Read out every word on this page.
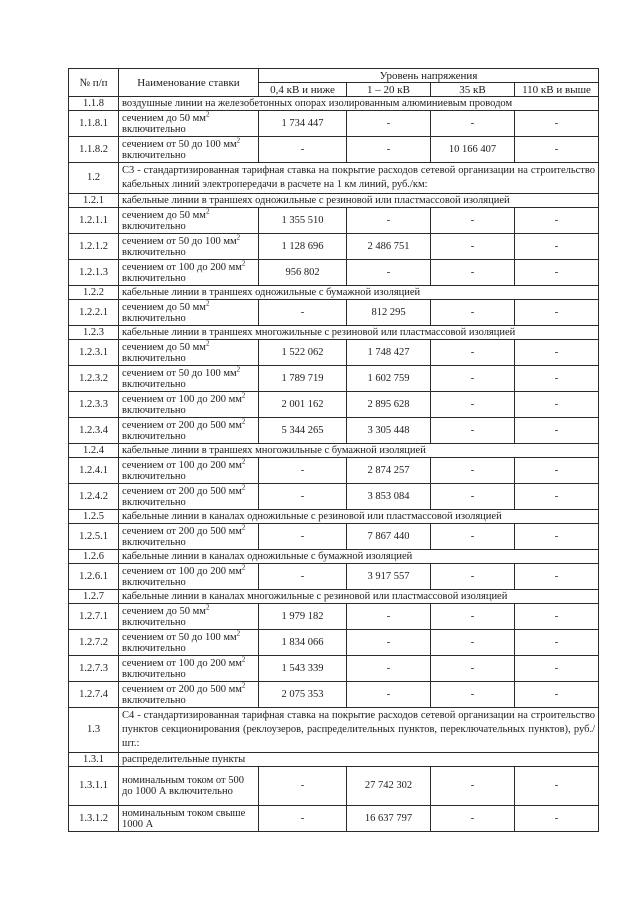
№ п/п	Наименование ставки	Уровень напряжения			
		0,4 кВ и ниже	1 – 20 кВ	35 кВ	110 кВ и выше
1.1.8	воздушные линии на железобетонных опорах изолированным алюминиевым проводом				
1.1.8.1	сечением до 50 $мм^2$ включительно	1 734 447	-	-	-
1.1.8.2	сечением от 50 до 100 $мм^2$ включительно	-	-	10 166 407	-
1.2	С3 - стандартизированная тарифная ставка на покрытие расходов сетевой организации на строительство кабельных линий электропередачи в расчете на 1 км линий, руб./км:				
1.2.1	кабельные линии в траншеях одножильные с резиновой или пластмассовой изоляцией				
1.2.1.1	сечением до 50 $мм^2$ включительно	1 355 510	-	-	-
1.2.1.2	сечением от 50 до 100 $мм^2$ включительно	1 128 696	2 486 751	-	-
1.2.1.3	сечением от 100 до 200 $мм^2$ включительно	956 802	-	-	-
1.2.2	кабельные линии в траншеях одножильные с бумажной изоляцией				
1.2.2.1	сечением до 50 $мм^2$ включительно	-	812 295	-	-
1.2.3	кабельные линии в траншеях многожильные с резиновой или пластмассовой изоляцией				
1.2.3.1	сечением до 50 $мм^2$ включительно	1 522 062	1 748 427	-	-
1.2.3.2	сечением от 50 до 100 $мм^2$ включительно	1 789 719	1 602 759	-	-
1.2.3.3	сечением от 100 до 200 $мм^2$ включительно	2 001 162	2 895 628	-	-
1.2.3.4	сечением от 200 до 500 $мм^2$ включительно	5 344 265	3 305 448	-	-
1.2.4	кабельные линии в траншеях многожильные с бумажной изоляцией				
1.2.4.1	сечением от 100 до 200 $мм^2$ включительно	-	2 874 257	-	-
1.2.4.2	сечением от 200 до 500 $мм^2$ включительно	-	3 853 084	-	-
1.2.5	кабельные линии в каналах одножильные с резиновой или пластмассовой изоляцией				
1.2.5.1	сечением от 200 до 500 $мм^2$ включительно	-	7 867 440	-	-
1.2.6	кабельные линии в каналах одножильные с бумажной изоляцией				
1.2.6.1	сечением от 100 до 200 $мм^2$ включительно	-	3 917 557	-	-
1.2.7	кабельные линии в каналах многожильные с резиновой или пластмассовой изоляцией				
1.2.7.1	сечением до 50 $мм^2$ включительно	1 979 182	-	-	-
1.2.7.2	сечением от 50 до 100 $мм^2$ включительно	1 834 066	-	-	-
1.2.7.3	сечением от 100 до 200 $мм^2$ включительно	1 543 339	-	-	-
1.2.7.4	сечением от 200 до 500 $мм^2$ включительно	2 075 353	-	-	-
1.3	С4 - стандартизированная тарифная ставка на покрытие расходов сетевой организации на строительство пунктов секционирования (реклоузеров, распределительных пунктов, переключательных пунктов), руб./шт.:				
1.3.1	распределительные пункты				
1.3.1.1	номинальным током от 500 до 1000 А включительно	-	27 742 302	-	-
1.3.1.2	номинальным током свыше 1000 А	-	16 637 797	-	-
